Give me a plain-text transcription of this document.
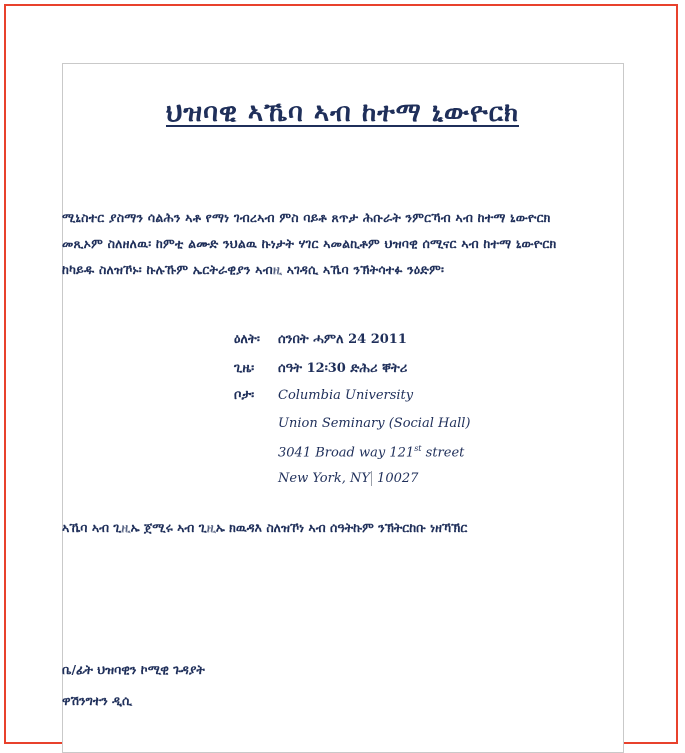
ህዝባዊ ኣኼባ ኣብ ከተማ ኒውዮርክ
ሚኒስተር ያስማን ሳልሕን ኣቶ የማነ ገብረኣብ ምስ ባይቶ ጸጥታ ሕቡራት ንምርኻብ ኣብ ከተማ ኒውዮርክ
መጺኦም ስለዘለዉ፡ ከምቲ ልሙድ ንህልዉ ኩነታት ሃገር ኣመልኪቶም ህዝባዊ ሰሚናር ኣብ ከተማ ኒውዮርክ
ከካይዱ ስለዝኾኑ፡ ኩሉኹም ኤርትራዊያን ኣብዚ ኣገዳሲ ኣኼባ ንኽትሳተፉ ንዕድም፡
ዕለት፡	ሰንበት ሓምለ 24 2011
ጊዜ፡	ሰዓት 12፡30 ድሕሪ ቐትሪ
ቦታ፡	Columbia University
Union Seminary (Social Hall)
3041 Broad way 121st street
New York, NY 10027
ኣኼባ ኣብ ጊዚኡ ጀሚሩ ኣብ ጊዚኡ ክዉዳእ ስለዝኾነ ኣብ ሰዓትኩም ንኽትርከቡ ነዘኻኽር
ቤ/ፊት ህዝባዊን ኮሚዊ ጉዳያት
ዋሽንግተን ዲሲ
